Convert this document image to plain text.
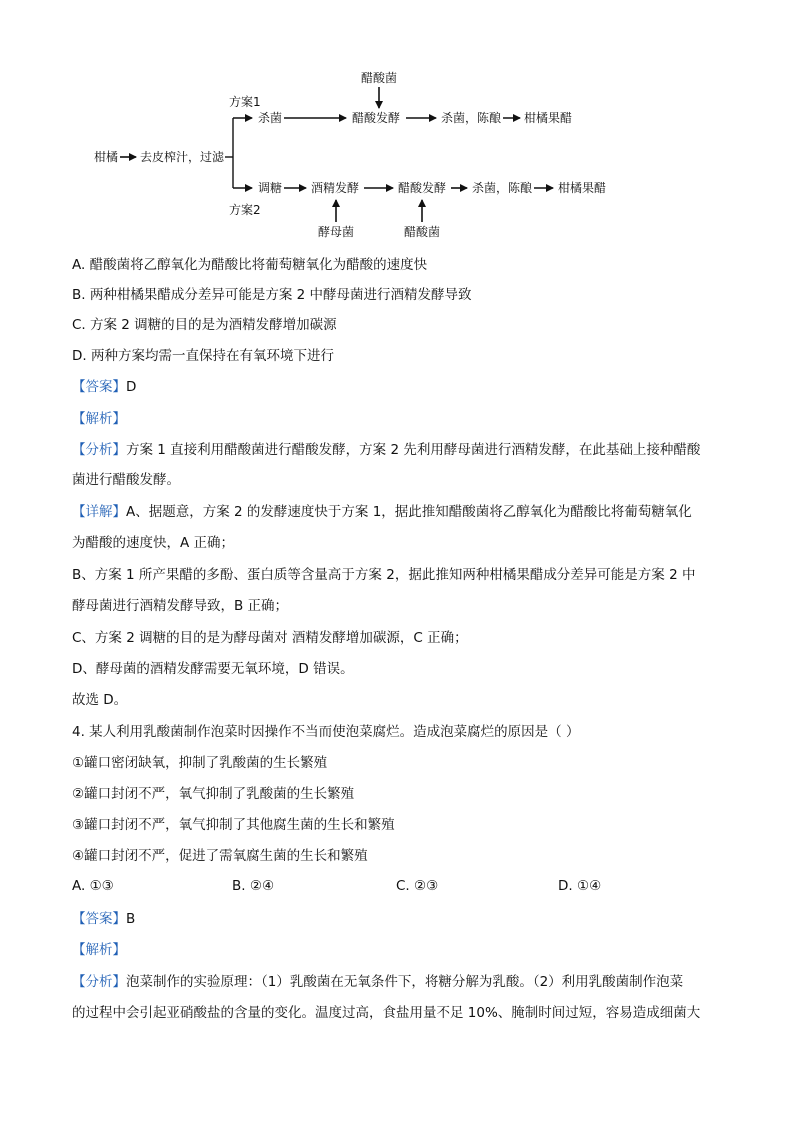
柑橘 去皮榨汁，过滤
方案1
方案2
杀菌	醋酸发酵	杀菌，陈酿 柑橘果醋
醋酸菌
调糖 酒精发酵	醋酸发酵 杀菌，陈酿 柑橘果醋
酵母菌	醋酸菌
A. 醋酸菌将乙醇氧化为醋酸比将葡萄糖氧化为醋酸的速度快
B. 两种柑橘果醋成分差异可能是方案 2 中酵母菌进行酒精发酵导致
C. 方案 2 调糖的目的是为酒精发酵增加碳源
D. 两种方案均需一直保持在有氧环境下进行
【答案】D
【解析】
【分析】方案 1 直接利用醋酸菌进行醋酸发酵，方案 2 先利用酵母菌进行酒精发酵，在此基础上接种醋酸
菌进行醋酸发酵。
【详解】A、据题意，方案 2 的发酵速度快于方案 1，据此推知醋酸菌将乙醇氧化为醋酸比将葡萄糖氧化
为醋酸的速度快，A 正确；
B、方案 1 所产果醋的多酚、蛋白质等含量高于方案 2，据此推知两种柑橘果醋成分差异可能是方案 2 中
酵母菌进行酒精发酵导致，B 正确；
C、方案 2 调糖的目的是为酵母菌对 酒精发酵增加碳源，C 正确；
D、酵母菌的酒精发酵需要无氧环境，D 错误。
故选 D。
4. 某人利用乳酸菌制作泡菜时因操作不当而使泡菜腐烂。造成泡菜腐烂的原因是（ ）
①罐口密闭缺氧，抑制了乳酸菌的生长繁殖
②罐口封闭不严，氧气抑制了乳酸菌的生长繁殖
③罐口封闭不严，氧气抑制了其他腐生菌的生长和繁殖
④罐口封闭不严，促进了需氧腐生菌的生长和繁殖
A. ①③	B. ②④	C. ②③	D. ①④
【答案】B
【解析】
【分析】泡菜制作的实验原理：（1）乳酸菌在无氧条件下，将糖分解为乳酸。（2）利用乳酸菌制作泡菜
的过程中会引起亚硝酸盐的含量的变化。温度过高，食盐用量不足 10%、腌制时间过短，容易造成细菌大
